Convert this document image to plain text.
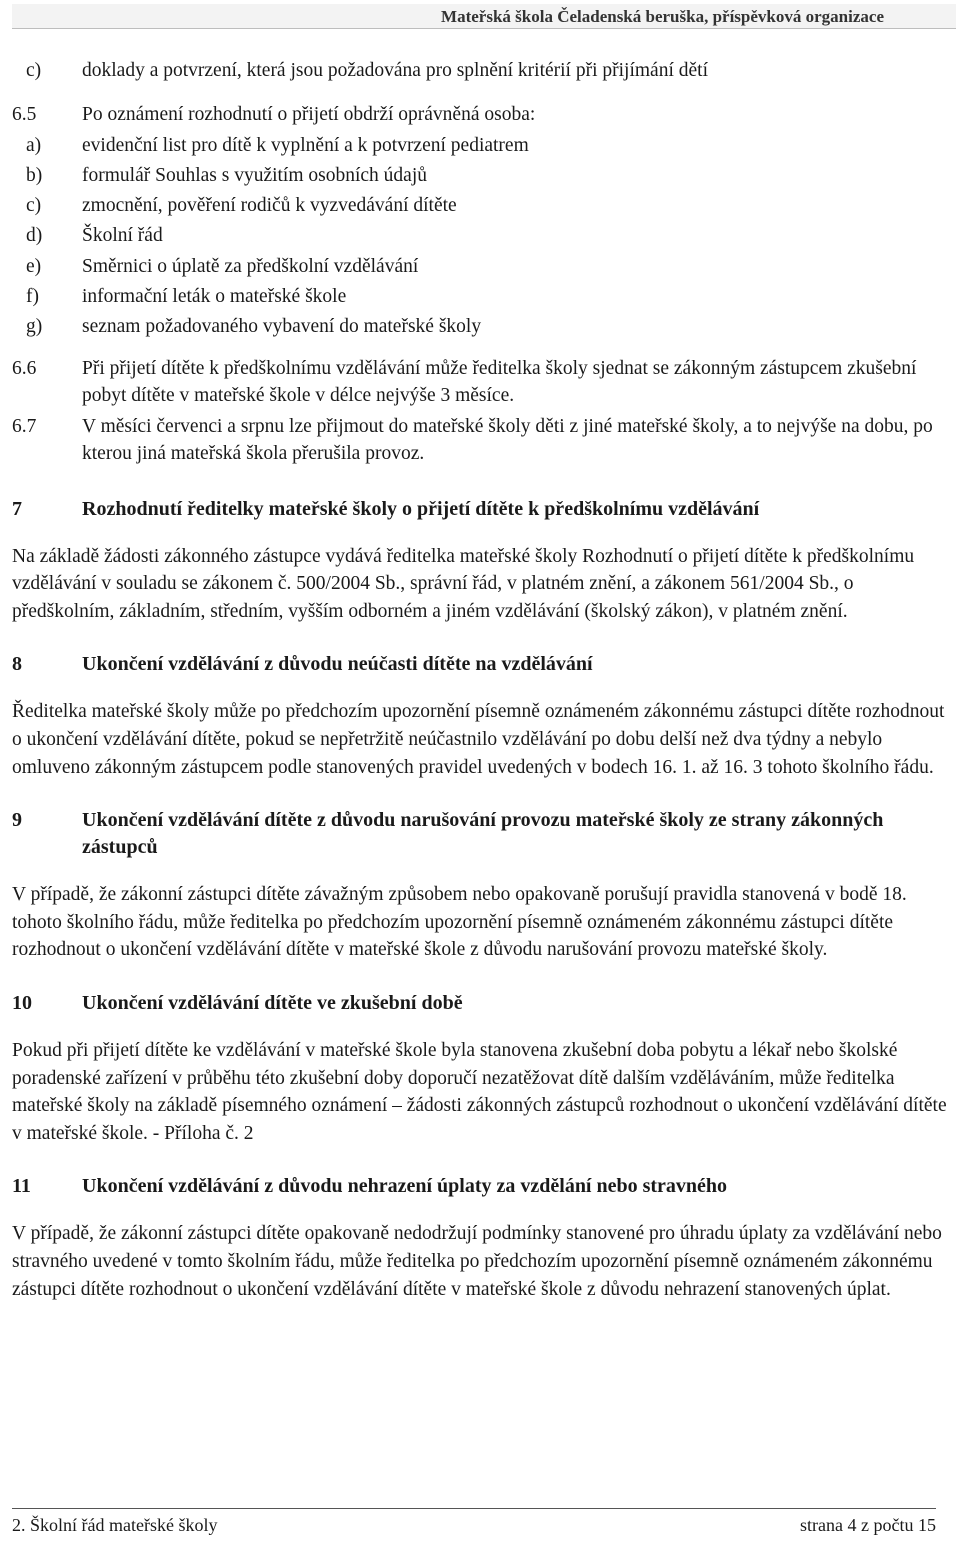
Mateřská škola Čeladenská beruška, příspěvková organizace
c) doklady a potvrzení, která jsou požadována pro splnění kritérií při přijímání dětí
6.5 Po oznámení rozhodnutí o přijetí obdrží oprávněná osoba:
a) evidenční list pro dítě k vyplnění a k potvrzení pediatrem
b) formulář Souhlas s využitím osobních údajů
c) zmocnění, pověření rodičů k vyzvedávání dítěte
d) Školní řád
e) Směrnici o úplatě za předškolní vzdělávání
f) informační leták o mateřské škole
g) seznam požadovaného vybavení do mateřské školy
6.6 Při přijetí dítěte k předškolnímu vzdělávání může ředitelka školy sjednat se zákonným zástupcem zkušební pobyt dítěte v mateřské škole v délce nejvýše 3 měsíce.
6.7 V měsíci červenci a srpnu lze přijmout do mateřské školy děti z jiné mateřské školy, a to nejvýše na dobu, po kterou jiná mateřská škola přerušila provoz.
7	Rozhodnutí ředitelky mateřské školy o přijetí dítěte k předškolnímu vzdělávání
Na základě žádosti zákonného zástupce vydává ředitelka mateřské školy Rozhodnutí o přijetí dítěte k předškolnímu vzdělávání v souladu se zákonem č. 500/2004 Sb., správní řád, v platném znění, a zákonem 561/2004 Sb., o předškolním, základním, středním, vyšším odborném a jiném vzdělávání (školský zákon), v platném znění.
8	Ukončení vzdělávání z důvodu neúčasti dítěte na vzdělávání
Ředitelka mateřské školy může po předchozím upozornění písemně oznámeném zákonnému zástupci dítěte rozhodnout o ukončení vzdělávání dítěte, pokud se nepřetržitě neúčastnilo vzdělávání po dobu delší než dva týdny a nebylo omluveno zákonným zástupcem podle stanovených pravidel uvedených v bodech 16. 1. až 16. 3 tohoto školního řádu.
9	Ukončení vzdělávání dítěte z důvodu narušování provozu mateřské školy ze strany zákonných zástupců
V případě, že zákonní zástupci dítěte závažným způsobem nebo opakovaně porušují pravidla stanovená v bodě 18. tohoto školního řádu, může ředitelka po předchozím upozornění písemně oznámeném zákonnému zástupci dítěte rozhodnout o ukončení vzdělávání dítěte v mateřské škole z důvodu narušování provozu mateřské školy.
10	Ukončení vzdělávání dítěte ve zkušební době
Pokud při přijetí dítěte ke vzdělávání v mateřské škole byla stanovena zkušební doba pobytu a lékař nebo školské poradenské zařízení v průběhu této zkušební doby doporučí nezatěžovat dítě dalším vzděláváním, může ředitelka mateřské školy na základě písemného oznámení – žádosti zákonných zástupců rozhodnout o ukončení vzdělávání dítěte v mateřské škole. - Příloha č. 2
11	Ukončení vzdělávání z důvodu nehrazení úplaty za vzdělání nebo stravného
V případě, že zákonní zástupci dítěte opakovaně nedodržují podmínky stanovené pro úhradu úplaty za vzdělávání nebo stravného uvedené v tomto školním řádu, může ředitelka po předchozím upozornění písemně oznámeném zákonnému zástupci dítěte rozhodnout o ukončení vzdělávání dítěte v mateřské škole z důvodu nehrazení stanovených úplat.
2. Školní řád mateřské školy	strana 4 z počtu 15
